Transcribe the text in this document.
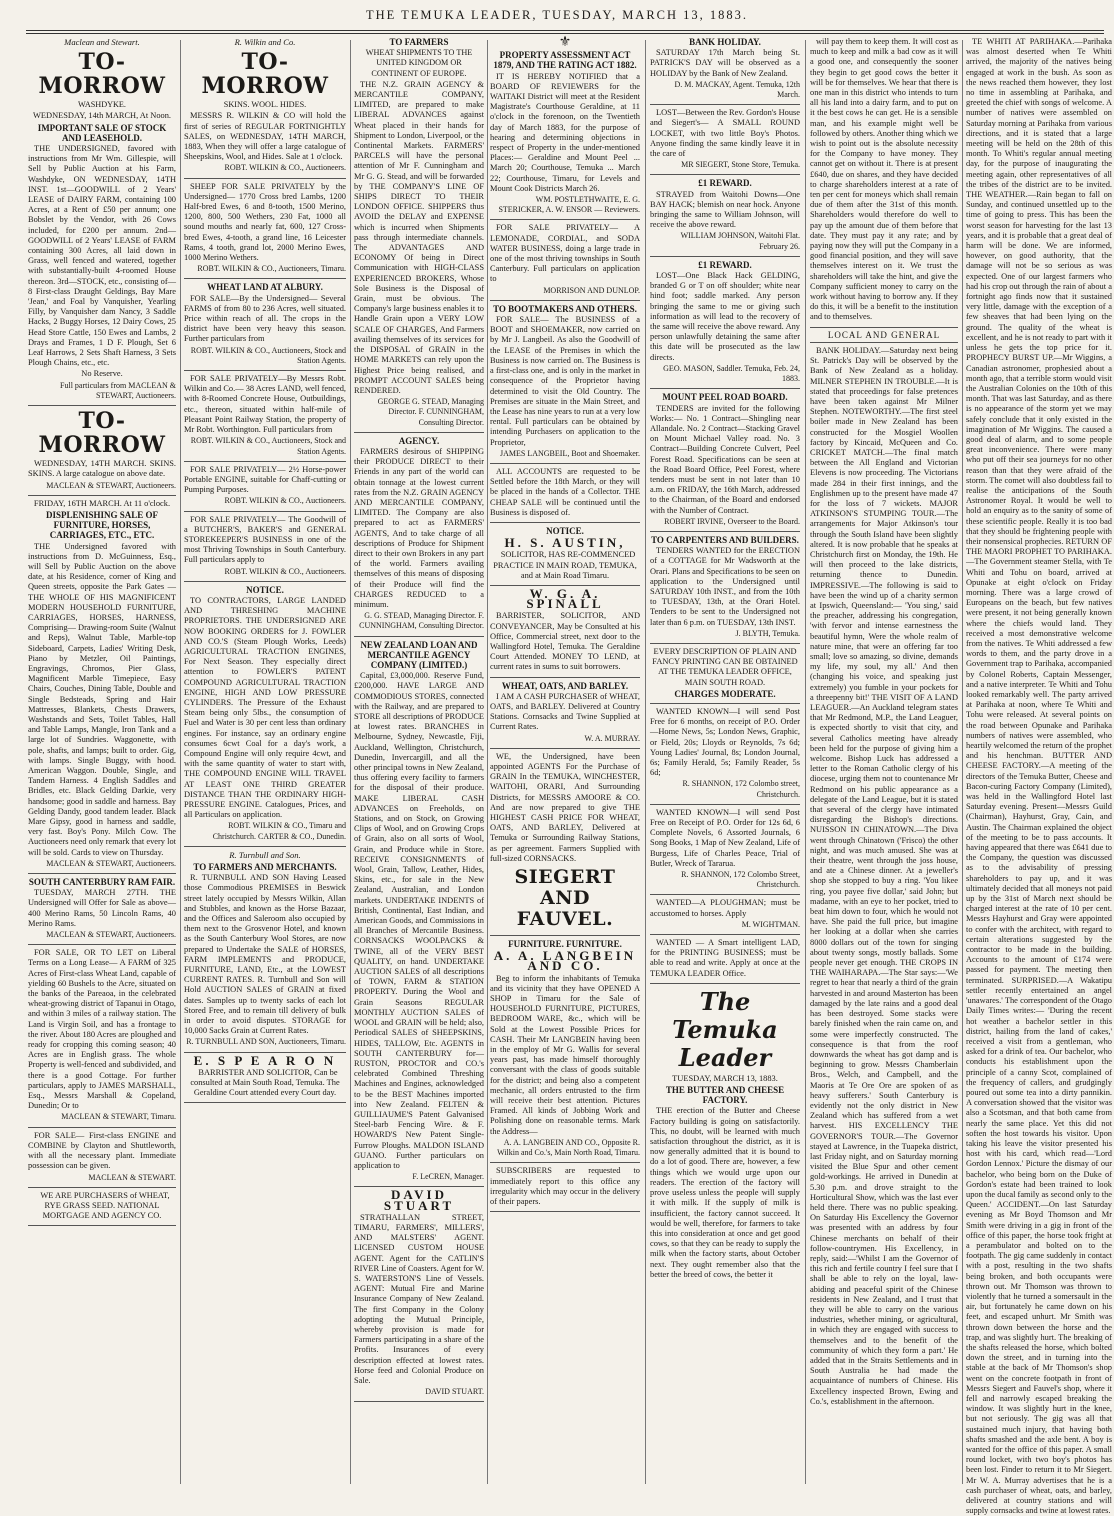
THE TEMUKA LEADER, TUESDAY, MARCH 13, 1883.
Maclean and Stewart.
TO-MORROW
WASHDYKE.
WEDNESDAY, 14th MARCH, At Noon.
IMPORTANT SALE OF STOCK AND LEASEHOLD.
THE UNDERSIGNED, favored with instructions from Mr Wm. Gillespie, will Sell by Public Auction at his Farm, Washdyke, ON WEDNESDAY, 14TH INST. 1st—GOODWILL of 2 Years' LEASE of DAIRY FARM, containing 100 Acres, at a Rent of £50 per annum; one Bobslet by the Vendor, with 26 Cows included, for £200 per annum. 2nd—GOODWILL of 2 Years' LEASE of FARM containing 300 Acres, all laid down in Grass, well fenced and watered, together with substantially-built 4-roomed House thereon. 3rd—STOCK, etc., consisting of— 8 First-class Draught Geldings, Bay Mare 'Jean,' and Foal by Vanquisher, Yearling Filly, by Vanquisher dam Nancy, 3 Saddle Hacks, 2 Buggy Horses, 12 Dairy Cows, 25 Head Store Cattle, 150 Ewes and Lambs, 2 Drays and Frames, 1 D F. Plough, Set 6 Leaf Harrows, 2 Sets Shaft Harness, 3 Sets Plough Chains, etc., etc.
No Reserve.
Full particulars from MACLEAN & STEWART, Auctioneers.
TO-MORROW
WEDNESDAY, 14TH MARCH. SKINS. SKINS. A large catalogue on above date.
MACLEAN & STEWART, Auctioneers.
FRIDAY, 16TH MARCH. At 11 o'clock.
DISPLENISHING SALE OF FURNITURE, HORSES, CARRIAGES, ETC., ETC.
THE Undersigned favored with instructions from D. McGuinness, Esq., will Sell by Public Auction on the above date, at his Residence, corner of King and Queen streets, opposite the Park Gates — THE WHOLE OF HIS MAGNIFICENT MODERN HOUSEHOLD FURNITURE, CARRIAGES, HORSES, HARNESS, Comprising— Drawing-room Suite (Walnut and Reps), Walnut Table, Marble-top Sideboard, Carpets, Ladies' Writing Desk, Piano by Metzler, Oil Paintings, Engravings, Chromos, Pier Glass, Magnificent Marble Timepiece, Easy Chairs, Couches, Dining Table, Double and Single Bedsteads, Spring and Hair Mattresses, Blankets, Chests Drawers, Washstands and Sets, Toilet Tables, Hall and Table Lamps, Mangle, Iron Tank and a large lot of Sundries. Waggonette, with pole, shafts, and lamps; built to order. Gig, with lamps. Single Buggy, with hood. American Waggon. Double, Single, and Tandem Harness. 4 English Saddles and Bridles, etc. Black Gelding Darkie, very handsome; good in saddle and harness. Bay Gelding Dandy, good tandem leader. Black Mare Gipsy, good in harness and saddle, very fast. Boy's Pony. Milch Cow. The Auctioneers need only remark that every lot will be sold. Cards to view on Thursday.
MACLEAN & STEWART, Auctioneers.
SOUTH CANTERBURY RAM FAIR.
TUESDAY, MARCH 27TH. THE Undersigned will Offer for Sale as above— 400 Merino Rams, 50 Lincoln Rams, 40 Merino Rams.
MACLEAN & STEWART, Auctioneers.
FOR SALE, OR TO LET on Liberal Terms on a Long Lease— A FARM of 325 Acres of First-class Wheat Land, capable of yielding 60 Bushels to the Acre, situated on the banks of the Pareaoa, in the celebrated wheat-growing district of Tapanui in Otago, and within 3 miles of a railway station. The Land is Virgin Soil, and has a frontage to the river. About 180 Acres are ploughed and ready for cropping this coming season; 40 Acres are in English grass. The whole Property is well-fenced and subdivided, and there is a good Cottage. For further particulars, apply to JAMES MARSHALL, Esq., Messrs Marshall & Copeland, Dunedin; Or to
MACLEAN & STEWART, Timaru.
FOR SALE— First-class ENGINE and COMBINE by Clayton and Shuttleworth, with all the necessary plant. Immediate possession can be given.
MACLEAN & STEWART.
WE ARE PURCHASERS of WHEAT, RYE GRASS SEED. NATIONAL MORTGAGE AND AGENCY CO.
R. Wilkin and Co.
TO-MORROW
SKINS. WOOL. HIDES.
MESSRS R. WILKIN & CO will hold the first of series of REGULAR FORTNIGHTLY SALES, on WEDNESDAY, 14TH MARCH, 1883, When they will offer a large catalogue of Sheepskins, Wool, and Hides. Sale at 1 o'clock.
ROBT. WILKIN & CO., Auctioneers.
SHEEP FOR SALE PRIVATELY by the Undersigned— 1770 Cross bred Lambs, 1200 Half-bred Ewes, 6 and 8-tooth, 1500 Merino, 1200, 800, 500 Wethers, 230 Fat, 1000 all sound mouths and nearly fat, 600, 127 Cross-bred Ewes, 4-tooth, a grand line, 16 Leicester Rams, 4 tooth, grand lot, 2000 Merino Ewes, 1000 Merino Wethers.
ROBT. WILKIN & CO., Auctioneers, Timaru.
WHEAT LAND AT ALBURY.
FOR SALE—By the Undersigned— Several FARMS of from 80 to 236 Acres, well situated. Price within reach of all. The crops in the district have been very heavy this season. Further particulars from
ROBT. WILKIN & CO., Auctioneers, Stock and Station Agents.
FOR SALE PRIVATELY—By Messrs Robt. Wilkin and Co.— 38 Acres LAND, well fenced, with 8-Roomed Concrete House, Outbuildings, etc., thereon, situated within half-mile of Pleasant Point Railway Station, the property of Mr Robt. Worthington. Full particulars from
ROBT. WILKIN & CO., Auctioneers, Stock and Station Agents.
FOR SALE PRIVATELY— 2½ Horse-power Portable ENGINE, suitable for Chaff-cutting or Pumping Purposes.
ROBT. WILKIN & CO., Auctioneers.
FOR SALE PRIVATELY— The Goodwill of a BUTCHER'S, BAKER'S and GENERAL STOREKEEPER'S BUSINESS in one of the most Thriving Townships in South Canterbury. Full particulars apply to
ROBT. WILKIN & CO., Auctioneers.
NOTICE.
TO CONTRACTORS, LARGE LANDED AND THRESHING MACHINE PROPRIETORS. THE UNDERSIGNED ARE NOW BOOKING ORDERS for J. FOWLER AND CO.'S (Steam Plough Works, Leeds) AGRICULTURAL TRACTION ENGINES, For Next Season. They especially direct attention to FOWLER'S PATENT COMPOUND AGRICULTURAL TRACTION ENGINE, HIGH AND LOW PRESSURE CYLINDERS. The Pressure of the Exhaust Steam being only 5lbs., the consumption of Fuel and Water is 30 per cent less than ordinary engines. For instance, say an ordinary engine consumes 6cwt Coal for a day's work, a Compound Engine will only require 4cwt, and with the same quantity of water to start with, THE COMPOUND ENGINE WILL TRAVEL AT LEAST ONE THIRD GREATER DISTANCE THAN THE ORDINARY HIGH-PRESSURE ENGINE. Catalogues, Prices, and all Particulars on application.
ROBT. WILKIN & CO., Timaru and Christchurch. CARTER & CO., Dunedin.
R. Turnbull and Son.
TO FARMERS AND MERCHANTS.
R. TURNBULL AND SON Having Leased those Commodious PREMISES in Beswick street lately occupied by Messrs Wilkin, Allan and Stubbles, and known as the Horse Bazaar, and the Offices and Saleroom also occupied by them next to the Grosvenor Hotel, and known as the South Canterbury Wool Stores, are now prepared to Undertake the SALE of HORSES, FARM IMPLEMENTS and PRODUCE, FURNITURE, LAND, Etc., at the LOWEST CURRENT RATES. R. Turnbull and Son will Hold AUCTION SALES of GRAIN at fixed dates. Samples up to twenty sacks of each lot Stored Free, and to remain till delivery of bulk in order to avoid disputes. STORAGE for 10,000 Sacks Grain at Current Rates.
R. TURNBULL AND SON, Auctioneers, Timaru.
E. S P E A R O N
BARRISTER AND SOLICITOR, Can be consulted at Main South Road, Temuka. The Geraldine Court attended every Court day.
TO FARMERS
WHEAT SHIPMENTS TO THE UNITED KINGDOM OR CONTINENT OF EUROPE.
THE N.Z. GRAIN AGENCY & MERCANTILE COMPANY, LIMITED, are prepared to make LIBERAL ADVANCES against Wheat placed in their hands for Shipment to London, Liverpool, or the Continental Markets. FARMERS' PARCELS will have the personal attention of Mr F. Cunningham and Mr G. G. Stead, and will be forwarded by THE COMPANY'S LINE OF SHIPS DIRECT TO THEIR LONDON OFFICE. SHIPPERS thus AVOID the DELAY and EXPENSE which is incurred when Shipments pass through intermediate channels. The ADVANTAGES AND ECONOMY Of being in Direct Communication with HIGH-CLASS EXPERIENCED BROKERS, Whose Sole Business is the Disposal of Grain, must be obvious. The Company's large business enables it to Handle Grain upon a VERY LOW SCALE OF CHARGES, And Farmers availing themselves of its services for the DISPOSAL of GRAIN in the HOME MARKETS can rely upon the Highest Price being realised, and PROMPT ACCOUNT SALES being RENDERED.
GEORGE G. STEAD, Managing Director. F. CUNNINGHAM, Consulting Director.
AGENCY.
FARMERS desirous of SHIPPING their PRODUCE DIRECT to their Friends in any part of the world can obtain tonnage at the lowest current rates from the N.Z. GRAIN AGENCY AND MERCANTILE COMPANY, LIMITED. The Company are also prepared to act as FARMERS' AGENTS, And to take charge of all descriptions of Produce for Shipment direct to their own Brokers in any part of the world. Farmers availing themselves of this means of disposing of their Produce will find the CHARGES REDUCED to a minimum.
G. G. STEAD, Managing Director. F. CUNNINGHAM, Consulting Director.
NEW ZEALAND LOAN AND MERCANTILE AGENCY COMPANY (LIMITED.)
Capital, £3,000,000. Reserve Fund, £200,000. HAVE LARGE AND COMMODIOUS STORES, connected with the Railway, and are prepared to STORE all descriptions of PRODUCE at lowest rates. BRANCHES in Melbourne, Sydney, Newcastle, Fiji, Auckland, Wellington, Christchurch, Dunedin, Invercargill, and all the other principal towns in New Zealand, thus offering every facility to farmers for the disposal of their produce. MAKE LIBERAL CASH ADVANCES on Freeholds, on Stations, and on Stock, on Growing Clips of Wool, and on Growing Crops of Grain, also on all sorts of Wool, Grain, and Produce while in Store. RECEIVE CONSIGNMENTS of Wool, Grain, Tallow, Leather, Hides, Skins, etc., for sale in the New Zealand, Australian, and London markets. UNDERTAKE INDENTS of British, Continental, East Indian, and American Goods, and Commissions in all Branches of Mercantile Business. CORNSACKS WOOLPACKS & TWINE, all of the VERY BEST QUALITY, on hand. UNDERTAKE AUCTION SALES of all descriptions of TOWN, FARM & STATION PROPERTY. During the Wool and Grain Seasons REGULAR MONTHLY AUCTION SALES of WOOL and GRAIN will be held; also, Periodical SALES of SHEEPSKINS, HIDES, TALLOW, Etc. AGENTS in SOUTH CANTERBURY for— RUSTON, PROCTOR and CO.'s celebrated Combined Threshing Machines and Engines, acknowledged to be the BEST Machines imported into New Zealand. FELTEN & GUILLIAUME'S Patent Galvanised Steel-barb Fencing Wire. & F. HOWARD'S New Patent Single-Furrow Ploughs. MALDON ISLAND GUANO. Further particulars on application to
F. LeCREN, Manager.
DAVID STUART
STRATHALLAN STREET, TIMARU, FARMERS', MILLERS', AND MALSTERS' AGENT. LICENSED CUSTOM HOUSE AGENT. Agent for the CATLIN'S RIVER Line of Coasters. Agent for W. S. WATERSTON'S Line of Vessels. AGENT: Mutual Fire and Marine Insurance Company of New Zealand. The first Company in the Colony adopting the Mutual Principle, whereby provision is made for Farmers participating in a share of the Profits. Insurances of every description effected at lowest rates. Horse feed and Colonial Produce on Sale.
DAVID STUART.
⚜
PROPERTY ASSESSMENT ACT 1879, AND THE RATING ACT 1882.
IT IS HEREBY NOTIFIED that a BOARD OF REVIEWERS for the WAITAKI District will meet at the Resident Magistrate's Courthouse Geraldine, at 11 o'clock in the forenoon, on the Twentieth day of March 1883, for the purpose of hearing and determining objections in respect of Property in the under-mentioned Places:— Geraldine and Mount Peel ... March 20; Courthouse, Temuka ... March 22; Courthouse, Timaru, for Levels and Mount Cook Districts March 26.
WM. POSTLETHWAITE, E. G. STERICKER, A. W. ENSOR — Reviewers.
FOR SALE PRIVATELY— A LEMONADE, CORDIAL, and SODA WATER BUSINESS, doing a large trade in one of the most thriving townships in South Canterbury. Full particulars on application to
MORRISON AND DUNLOP.
TO BOOTMAKERS AND OTHERS.
FOR SALE— The BUSINESS of a BOOT and SHOEMAKER, now carried on by Mr J. Langbeil. As also the Goodwill of the LEASE of the Premises in which the Business is now carried on. The Business is a first-class one, and is only in the market in consequence of the Proprietor having determined to visit the Old Country. The Premises are situate in the Main Street, and the Lease has nine years to run at a very low rental. Full particulars can be obtained by intending Purchasers on application to the Proprietor,
JAMES LANGBEIL, Boot and Shoemaker.
ALL ACCOUNTS are requested to be Settled before the 18th March, or they will be placed in the hands of a Collector. THE CHEAP SALE will be continued until the Business is disposed of.
NOTICE.
H. S. AUSTIN,
SOLICITOR, HAS RE-COMMENCED PRACTICE IN MAIN ROAD, TEMUKA, and at Main Road Timaru.
W. G. A. SPINALL
BARRISTER, SOLICITOR, AND CONVEYANCER, May be Consulted at his Office, Commercial street, next door to the Wallingford Hotel, Temuka. The Geraldine Court Attended. MONEY TO LEND, at current rates in sums to suit borrowers.
WHEAT, OATS, AND BARLEY.
I AM A CASH PURCHASER of WHEAT, OATS, and BARLEY. Delivered at Country Stations. Cornsacks and Twine Supplied at Current Rates.
W. A. MURRAY.
WE, the Undersigned, have been appointed AGENTS For the Purchase of GRAIN In the TEMUKA, WINCHESTER, WAITOHI, ORARI, And Surrounding Districts, for MESSRS AMOORE & CO. And are now prepared to give THE HIGHEST CASH PRICE FOR WHEAT, OATS, AND BARLEY, Delivered at Temuka or Surrounding Railway Stations, as per agreement. Farmers Supplied with full-sized CORNSACKS.
SIEGERT AND FAUVEL.
FURNITURE. FURNITURE.
A. A. LANGBEIN AND CO.
Beg to inform the inhabitants of Temuka and its vicinity that they have OPENED A SHOP in Timaru for the Sale of HOUSEHOLD FURNITURE, PICTURES, BEDROOM WARE, &c., which will be Sold at the Lowest Possible Prices for CASH. Their Mr LANGBEIN having been in the employ of Mr G. Wallis for several years past, has made himself thoroughly conversant with the class of goods suitable for the district; and being also a competent mechanic, all orders entrusted to the firm will receive their best attention. Pictures Framed. All kinds of Jobbing Work and Polishing done on reasonable terms. Mark the Address—
A. A. LANGBEIN AND CO., Opposite R. Wilkin and Co.'s, Main North Road, Timaru.
SUBSCRIBERS are requested to immediately report to this office any irregularity which may occur in the delivery of their papers.
BANK HOLIDAY.
SATURDAY 17th March being St. PATRICK'S DAY will be observed as a HOLIDAY by the Bank of New Zealand.
D. M. MACKAY, Agent. Temuka, 12th March.
LOST—Between the Rev. Gordon's House and Siegert's— A SMALL ROUND LOCKET, with two little Boy's Photos. Anyone finding the same kindly leave it in the care of
MR SIEGERT, Stone Store, Temuka.
£1 REWARD.
STRAYED from Waitohi Downs—One BAY HACK; blemish on near hock. Anyone bringing the same to William Johnson, will receive the above reward.
WILLIAM JOHNSON, Waitohi Flat. February 26.
£1 REWARD.
LOST—One Black Hack GELDING, branded G or T on off shoulder; white near hind foot; saddle marked. Any person bringing the same to me or giving such information as will lead to the recovery of the same will receive the above reward. Any person unlawfully detaining the same after this date will be prosecuted as the law directs.
GEO. MASON, Saddler. Temuka, Feb. 24, 1883.
MOUNT PEEL ROAD BOARD.
TENDERS are invited for the following Works:— No. 1 Contract—Shingling near Allandale. No. 2 Contract—Stacking Gravel on Mount Michael Valley road. No. 3 Contract—Building Concrete Culvert, Peel Forest Road. Specifications can be seen at the Road Board Office, Peel Forest, where tenders must be sent in not later than 10 a.m. on FRIDAY, the 16th March, addressed to the Chairman, of the Board and endorsed with the Number of Contract.
ROBERT IRVINE, Overseer to the Board.
TO CARPENTERS AND BUILDERS.
TENDERS WANTED for the ERECTION of a COTTAGE for Mr Wadsworth at the Orari. Plans and Specifications to be seen on application to the Undersigned until SATURDAY 10th INST., and from the 10th to TUESDAY, 13th, at the Orari Hotel. Tenders to be sent to the Undersigned not later than 6 p.m. on TUESDAY, 13th INST.
J. BLYTH, Temuka.
EVERY DESCRIPTION OF PLAIN AND FANCY PRINTING CAN BE OBTAINED AT THE TEMUKA LEADER OFFICE, MAIN SOUTH ROAD.
CHARGES MODERATE.
WANTED KNOWN—I will send Post Free for 6 months, on receipt of P.O. Order—Home News, 5s; London News, Graphic, or Field, 20s; Lloyds or Reynolds, 7s 6d; Young Ladies' Journal, 8s; London Journal, 6s; Family Herald, 5s; Family Reader, 5s 6d;
R. SHANNON, 172 Colombo street, Christchurch.
WANTED KNOWN—I will send Post Free on Receipt of P.O. Order for 12s 6d, 6 Complete Novels, 6 Assorted Journals, 6 Song Books, 1 Map of New Zealand, Life of Burgess, Life of Charles Peace, Trial of Butler, Wreck of Tararua.
R. SHANNON, 172 Colombo Street, Christchurch.
WANTED—A PLOUGHMAN; must be accustomed to horses. Apply
M. WIGHTMAN.
WANTED — A Smart intelligent LAD, for the PRINTING BUSINESS; must be able to read and write. Apply at once at the TEMUKA LEADER Office.
The Temuka Leader
TUESDAY, MARCH 13, 1883.
THE BUTTER AND CHEESE FACTORY.
THE erection of the Butter and Cheese Factory building is going on satisfactorily. This, no doubt, will be learned with much satisfaction throughout the district, as it is now generally admitted that it is bound to do a lot of good. There are, however, a few things which we would urge upon our readers. The erection of the factory will prove useless unless the people will supply it with milk. If the supply of milk is insufficient, the factory cannot succeed. It would be well, therefore, for farmers to take this into consideration at once and get good cows, so that they can be ready to supply the milk when the factory starts, about October next. They ought remember also that the better the breed of cows, the better it
will pay them to keep them. It will cost as much to keep and milk a bad cow as it will a good one, and consequently the sooner they begin to get good cows the better it will be for themselves. We hear that there is one man in this district who intends to turn all his land into a dairy farm, and to put on it the best cows he can get. He is a sensible man, and his example might well be followed by others. Another thing which we wish to point out is the absolute necessity for the Company to have money. They cannot get on without it. There is at present £640, due on shares, and they have decided to charge shareholders interest at a rate of ten per cent for moneys which shall remain due of them after the 31st of this month. Shareholders would therefore do well to pay up the amount due of them before that date. They must pay it any rate; and by paying now they will put the Company in a good financial position, and they will save themselves interest on it. We trust the shareholders will take the hint, and give the Company sufficient money to carry on the work without having to borrow any. If they do this, it will be a benefit to the institution and to themselves.
LOCAL AND GENERAL
BANK HOLIDAY.—Saturday next being St. Patrick's Day will be observed by the Bank of New Zealand as a holiday. MILNER STEPHEN IN TROUBLE.—It is stated that proceedings for false pretences have been taken against Mr Milner Stephen. NOTEWORTHY.—The first steel boiler made in New Zealand has been constructed for the Mosgiel Woollen factory by Kincaid, McQueen and Co. CRICKET MATCH.—The final match between the All England and Victorian Elevens is now proceeding. The Victorians made 284 in their first innings, and the Englishmen up to the present have made 47 for the loss of 7 wickets. MAJOR ATKINSON'S STUMPING TOUR.—The arrangements for Major Atkinson's tour through the South Island have been slightly altered. It is now probable that he speaks at Christchurch first on Monday, the 19th. He will then proceed to the lake districts, returning thence to Dunedin. IMPRESSIVE.—The following is said to have been the wind up of a charity sermon at Ipswich, Queensland:— 'You sing,' said the preacher, addressing his congregation, 'with fervor and intense earnestness the beautiful hymn, Were the whole realm of nature mine, that were an offering far too small; love so amazing, so divine, demands my life, my soul, my all.' And then (changing his voice, and speaking just extremely) you fumble in your pockets for a threepenny bit!' THE VISIT OF A LAND LEAGUER.—An Auckland telegram states that Mr Redmond, M.P., the Land Leaguer, is expected shortly to visit that city, and several Catholics meeting have already been held for the purpose of giving him a welcome. Bishop Luck has addressed a letter to the Roman Catholic clergy of his diocese, urging them not to countenance Mr Redmond on his public appearance as a delegate of the Land League, but it is stated that several of the clergy have intimated disregarding the Bishop's directions. NUISSON IN CHINATOWN.—The Diva went through Chinatown ('Frisco) the other night, and was much amused. She was at their theatre, went through the joss house, and ate a Chinese dinner. At a jeweller's shop she stopped to buy a ring. 'You likee ring, you payee five dollar,' said John; but madame, with an eye to her pocket, tried to beat him down to four, which he would not have. She paid the full price, but imagine her looking at a dollar when she carries 8000 dollars out of the town for singing about twenty songs, mostly ballads. Some people never get enough. THE CROPS IN THE WAIHARAPA.—The Star says:—'We regret to hear that nearly a third of the grain harvested in and around Masterton has been damaged by the late rains and a good deal has been destroyed. Some stacks were barely finished when the rain came on, and some were imperfectly constructed. The consequence is that from the roof downwards the wheat has got damp and is beginning to grow. Messrs Chamberlain Bros., Welch, and Campbell, and the Maoris at Te Ore Ore are spoken of as heavy sufferers.' South Canterbury is evidently not the only district in New Zealand which has suffered from a wet harvest. HIS EXCELLENCY THE GOVERNOR'S TOUR.—The Governor stayed at Lawrence, in the Tuapeka district, last Friday night, and on Saturday morning visited the Blue Spur and other cement gold-workings. He arrived in Dunedin at 5.30 p.m. and drove straight to the Horticultural Show, which was the last ever held there. There was no public speaking. On Saturday His Excellency the Governor was presented with an address by four Chinese merchants on behalf of their follow-countrymen. His Excellency, in reply, said:—'Whilst I am the Governor of this rich and fertile country I feel sure that I shall be able to rely on the loyal, law-abiding and peaceful spirit of the Chinese residents in New Zealand, and I trust that they will be able to carry on the various industries, whether mining, or agricultural, in which they are engaged with success to themselves and to the benefit of the community of which they form a part.' He added that in the Straits Settlements and in South Australia he had made the acquaintance of numbers of Chinese. His Excellency inspected Brown, Ewing and Co.'s, establishment in the afternoon.
TE WHITI AT PARIHAKA.—Parihaka was almost deserted when Te Whiti arrived, the majority of the natives being engaged at work in the bush. As soon as the news reached them however, they lost no time in assembling at Parihaka, and greeted the chief with songs of welcome. A number of natives were assembled on Saturday morning at Parihaka from various directions, and it is stated that a large meeting will be held on the 28th of this month. To Whiti's regular annual meeting day, for the purpose of inaugurating the meeting again, other representatives of all the tribes of the district are to be invited. THE WEATHER.—Rain began to fall on Sunday, and continued unsettled up to the time of going to press. This has been the worst season for harvesting for the last 13 years, and it is probable that a great deal of harm will be done. We are informed, however, on good authority, that the damage will not be so serious as was expected. One of our largest farmers who had his crop out through the rain of about a fortnight ago finds now that it sustained very little, damage with the exception of a few sheaves that had been lying on the ground. The quality of the wheat is excellent, and he is not ready to part with it unless he gets the top price for it. PROPHECY BURST UP.—Mr Wiggins, a Canadian astronomer, prophesied about a month ago, that a terrible storm would visit the Australian Colonies on the 10th of this month. That was last Saturday, and as there is no appearance of the storm yet we may safely conclude that it only existed in the imagination of Mr Wiggins. The caused a good deal of alarm, and to some people great inconvenience. There were many who put off their sea journeys for no other reason than that they were afraid of the storm. The comet will also doubtless fail to realise the anticipations of the South Astronomer Royal. It would be well to hold an enquiry as to the sanity of some of these scientific people. Really it is too bad that they should be frightening people with their nonsensical prophecies. RETURN OF THE MAORI PROPHET TO PARIHAKA.—The Government steamer Stella, with Te Whiti and Tohu on board, arrived at Opunake at eight o'clock on Friday morning. There was a large crowd of Europeans on the beach, but few natives were present, it not being generally known where the chiefs would land. They received a most demonstrative welcome from the natives. Te Whiti addressed a few words to them, and the party drove in a Government trap to Parihaka, accompanied by Colonel Roberts, Captain Messenger, and a native interpreter. Te Whiti and Tohu looked remarkably well. The party arrived at Parihaka at noon, where Te Whiti and Tohu were released. At several points on the road between Opunake and Parihaka numbers of natives were assembled, who heartily welcomed the return of the prophet and his henchman. BUTTER AND CHEESE FACTORY.—A meeting of the directors of the Temuka Butter, Cheese and Bacon-curing Factory Company (Limited), was held in the Wallingford Hotel last Saturday evening. Present—Messrs Guild (Chairman), Hayhurst, Gray, Cain, and Austin. The Chairman explained the object of the meeting to be to pass accounts. It having appeared that there was £641 due to the Company, the question was discussed as to the advisability of pressing shareholders to pay up, and it was ultimately decided that all moneys not paid up by the 31st of March next should be charged interest at the rate of 10 per cent. Messrs Hayhurst and Gray were appointed to confer with the architect, with regard to certain alterations suggested by the contractor to be made in the building. Accounts to the amount of £174 were passed for payment. The meeting then terminated. SURPRISED.—A Wakatipu settler recently entertained an angel 'unawares.' The correspondent of the Otago Daily Times writes:— 'During the recent hot weather a bachelor settler in this district, hailing from the land of cakes,' received a visit from a gentleman, who asked for a drink of tea. Our bachelor, who conducts his establishment upon the principle of a canny Scot, complained of the frequency of callers, and grudgingly poured out some tea into a dirty pannikin. A conversation showed that the visitor was also a Scotsman, and that both came from nearly the same place. Yet this did not soften the host towards his visitor. Upon taking his leave the visitor presented his host with his card, which read—'Lord Gordon Lennox.' Picture the dismay of our bachelor, who being born on the Duke of Gordon's estate had been trained to look upon the ducal family as second only to the Queen.' ACCIDENT.—On last Saturday evening as Mr Boyd Thomson and Mr Smith were driving in a gig in front of the office of this paper, the horse took fright at a perambulator and bolted on to the footpath. The gig came suddenly in contact with a post, resulting in the two shafts being broken, and both occupants were thrown out. Mr Thomson was thrown to violently that he turned a somersault in the air, but fortunately he came down on his feet, and escaped unhurt. Mr Smith was thrown down between the horse and the trap, and was slightly hurt. The breaking of the shafts released the horse, which bolted down the street, and in turning into the stable at the back of Mr Thomson's shop went on the concrete footpath in front of Messrs Siegert and Fauvel's shop, where it fell and narrowly escaped breaking the window. It was slightly hurt in the knee, but not seriously. The gig was all that sustained much injury, that having both shafts smashed and the axle bent. A boy is wanted for the office of this paper. A small round locket, with two boy's photos has been lost. Finder to return it to Mr Siegert. Mr W. A. Murray advertises that he is a cash purchaser of wheat, oats, and barley, delivered at country stations and will supply cornsacks and twine at lowest rates.
